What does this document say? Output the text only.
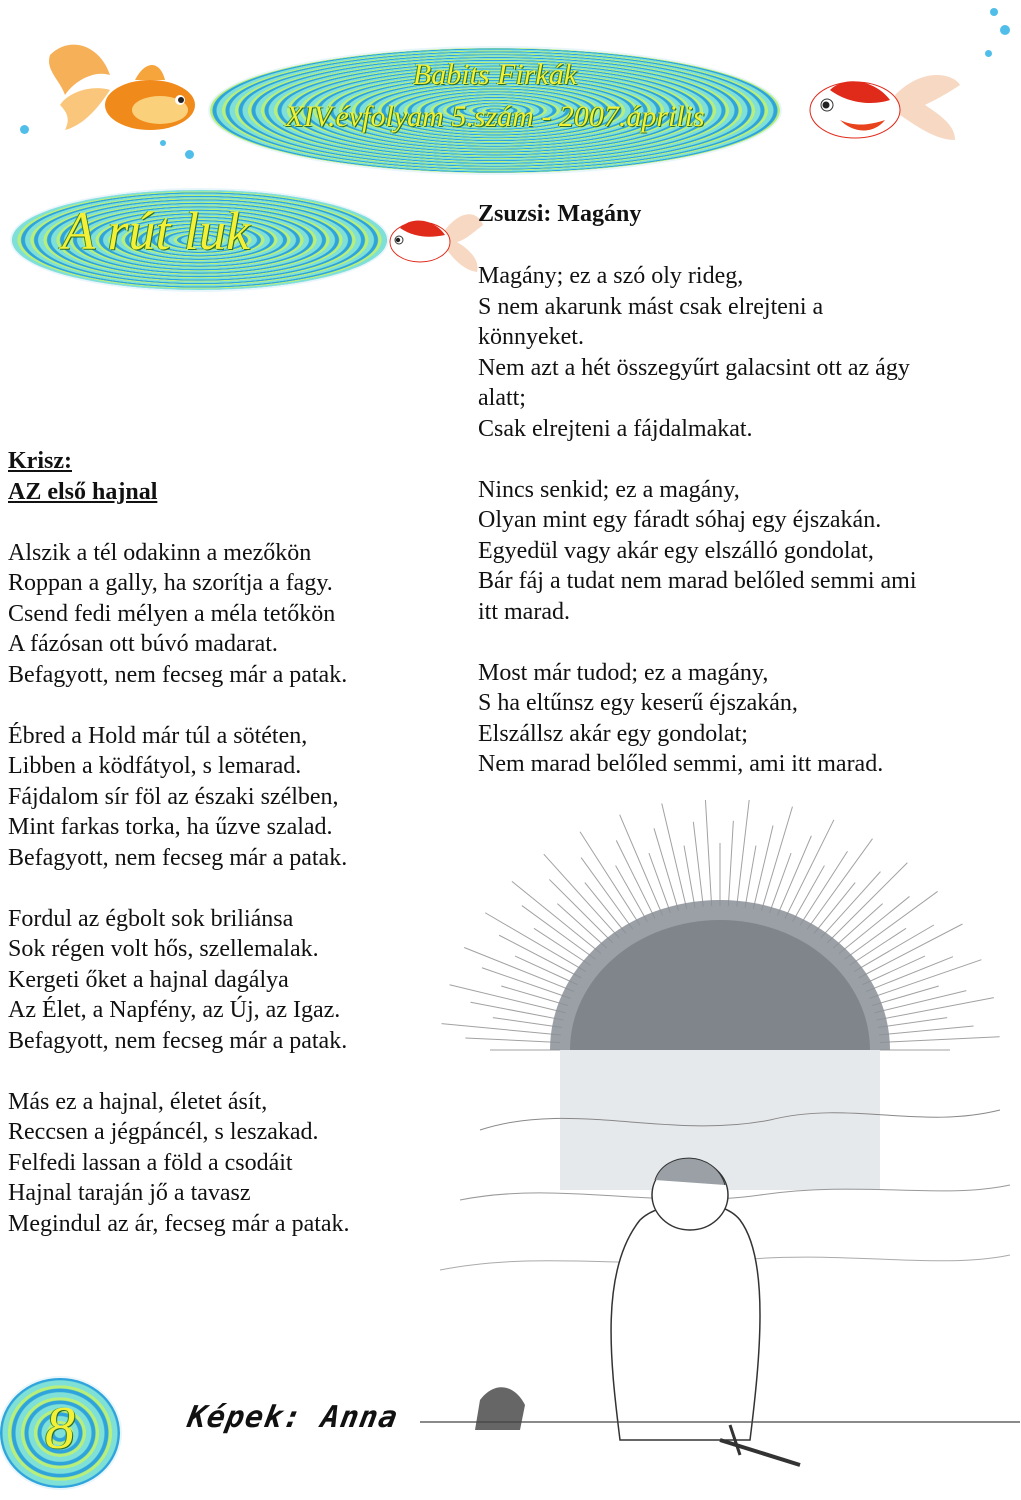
Babits Firkák
XIV.évfolyam 5.szám - 2007.április
A rút luk
Krisz:
AZ első hajnal
Alszik a tél odakinn a mezőkön
Roppan a gally, ha szorítja a fagy.
Csend fedi mélyen a méla tetőkön
A fázósan ott búvó madarat.
Befagyott, nem fecseg már a patak.
Ébred a Hold már túl a sötéten,
Libben a ködfátyol, s lemarad.
Fájdalom sír föl az északi szélben,
Mint farkas torka, ha űzve szalad.
Befagyott, nem fecseg már a patak.
Fordul az égbolt sok briliánsa
Sok régen volt hős, szellemalak.
Kergeti őket a hajnal dagálya
Az Élet, a Napfény, az Új, az Igaz.
Befagyott, nem fecseg már a patak.
Más ez a hajnal, életet ásít,
Reccsen a jégpáncél, s leszakad.
Felfedi lassan a föld a csodáit
Hajnal taraján jő a tavasz
Megindul az ár, fecseg már a patak.
Zsuzsi: Magány
Magány; ez a szó oly rideg,
S nem akarunk mást csak elrejteni a
könnyeket.
Nem azt a hét összegyűrt galacsint ott az ágy
alatt;
Csak elrejteni a fájdalmakat.
Nincs senkid; ez a magány,
Olyan mint egy fáradt sóhaj egy éjszakán.
Egyedül vagy akár egy elszálló gondolat,
Bár fáj a tudat nem marad belőled semmi ami
itt marad.
Most már tudod; ez a magány,
S ha eltűnsz egy keserű éjszakán,
Elszállsz akár egy gondolat;
Nem marad belőled semmi, ami itt marad.
8	Képek: Anna
